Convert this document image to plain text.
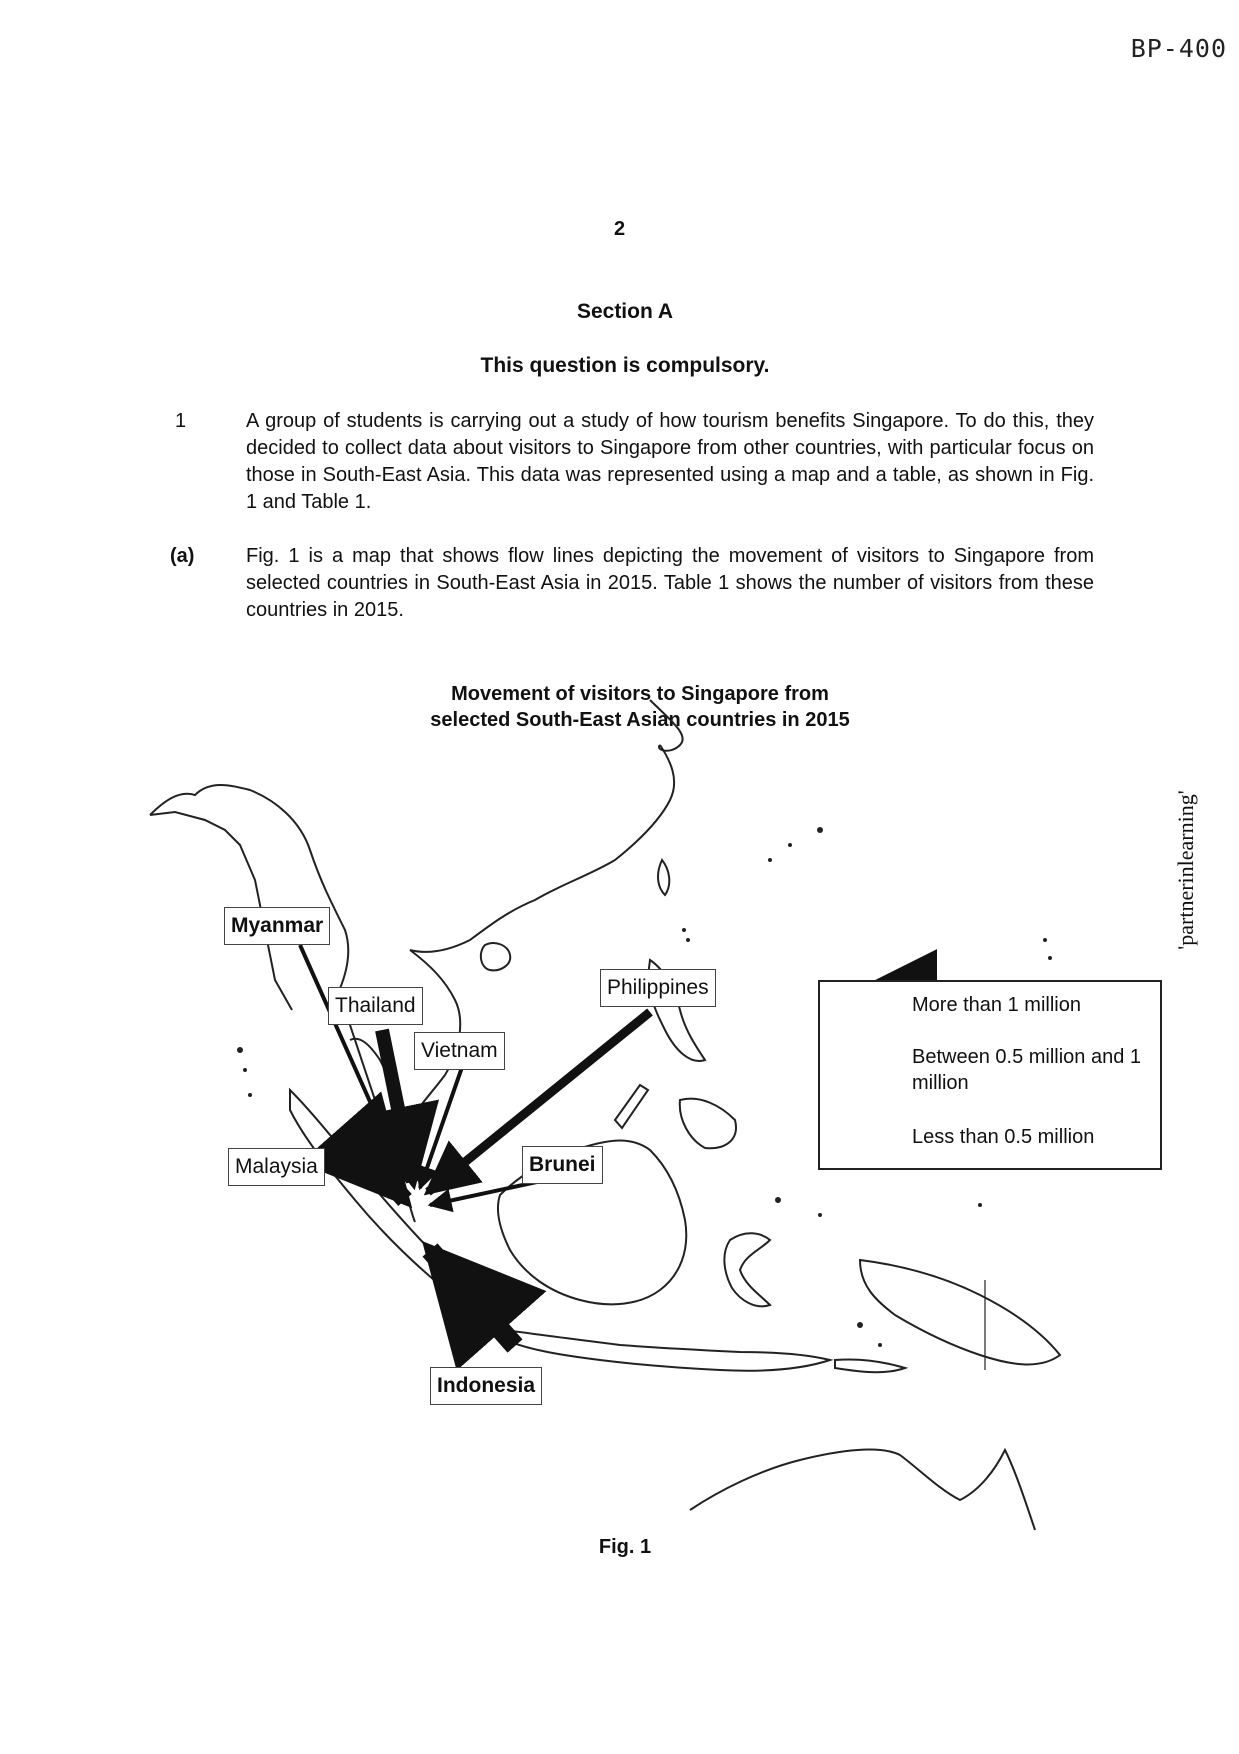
BP-400
2
Section A
This question is compulsory.
1	A group of students is carrying out a study of how tourism benefits Singapore. To do this, they decided to collect data about visitors to Singapore from other countries, with particular focus on those in South-East Asia. This data was represented using a map and a table, as shown in Fig. 1 and Table 1.
(a)	Fig. 1 is a map that shows flow lines depicting the movement of visitors to Singapore from selected countries in South-East Asia in 2015. Table 1 shows the number of visitors from these countries in 2015.
Movement of visitors to Singapore from
selected South-East Asian countries in 2015
'partnerinlearning'
Myanmar
Thailand
Vietnam
Philippines
Malaysia	Brunei
Indonesia
More than 1 million
Between 0.5 million and 1 million
Less than 0.5 million
Fig. 1
